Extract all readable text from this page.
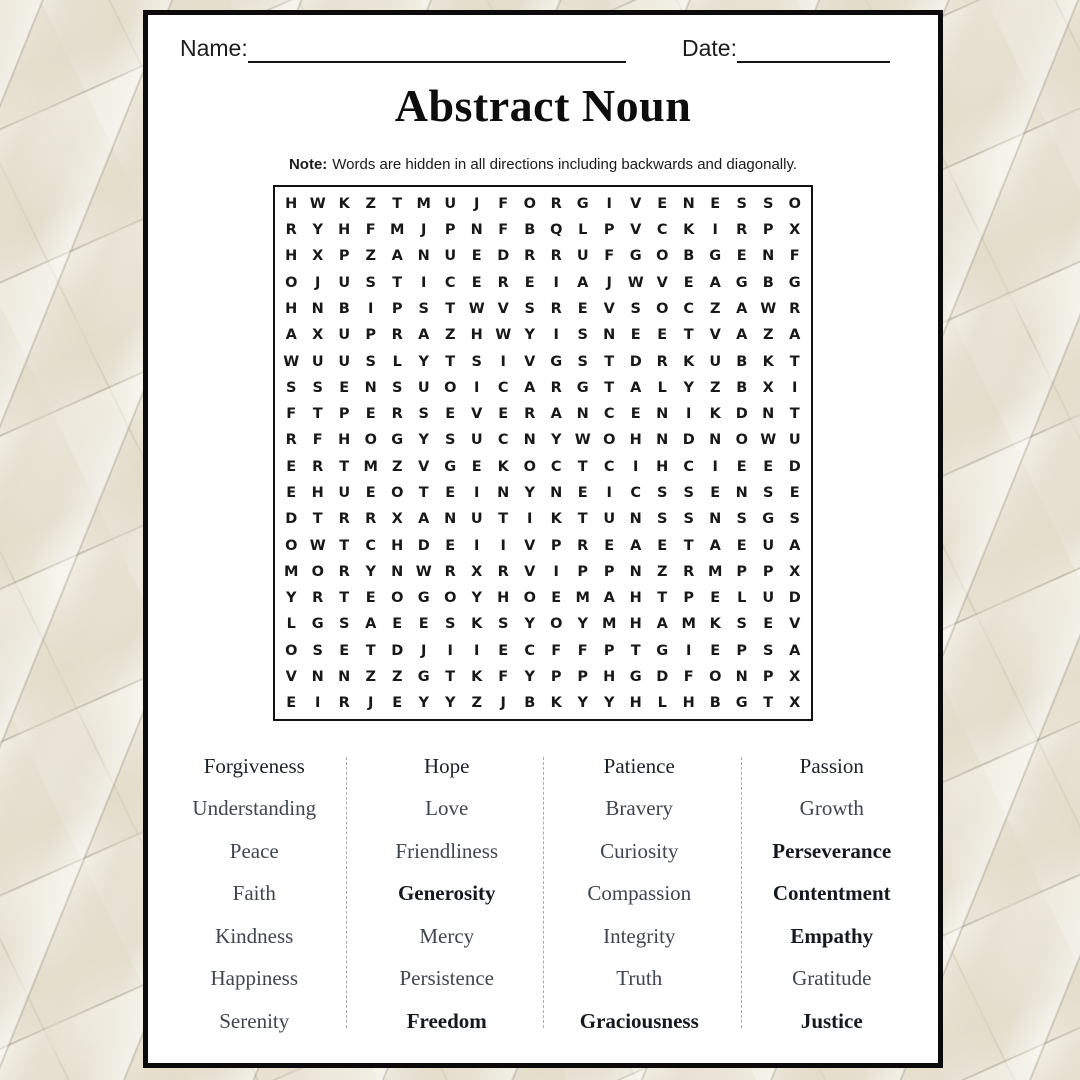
Name:	Date:
Abstract Noun
Note: Words are hidden in all directions including backwards and diagonally.
H W K	Z	T M U	J	F	O	R	G	I	V	E	N	E	S	S	O
R	Y	H	F M	J	P	N	F	B	Q	L	P	V	C	K	I	R	P	X
H	X	P	Z	A	N	U	E	D	R	R	U	F	G O	B	G	E	N	F
O	J	U	S	T	I	C	E	R	E	I	A	J	W V	E	A	G	B	G
H N	B	I	P	S	T W V	S	R	E	V	S	O	C	Z	A W R
A	X	U	P	R	A	Z	H W Y	I	S	N	E	E	T	V	A	Z	A
W U	U	S	L	Y	T	S	I	V	G	S	T	D	R	K	U	B	K	T
S	S	E	N	S	U O	I	C	A	R	G	T	A	L	Y	Z	B	X	I
F	T	P	E	R	S	E	V	E	R	A	N	C	E	N	I	K	D N	T
R	F	H O G	Y	S	U	C	N	Y W O H N D N O W U
E	R	T M Z	V	G	E	K	O	C	T	C	I	H	C	I	E	E	D
E	H	U	E	O	T	E	I	N	Y	N	E	I	C	S	S	E	N	S	E
D	T	R	R	X	A	N	U	T	I	K	T	U	N	S	S	N	S	G	S
O W T	C	H D	E	I	I	V	P	R	E	A	E	T	A	E	U	A
M O	R	Y	N W R	X	R	V	I	P	P	N	Z	R M P	P	X
Y	R	T	E	O G O	Y	H O	E M A	H	T	P	E	L	U	D
L	G	S	A	E	E	S	K	S	Y	O	Y M H	A M K	S	E	V
O	S	E	T	D	J	I	I	E	C	F	F	P	T	G	I	E	P	S	A
V	N N	Z	Z	G	T	K	F	Y	P	P	H G	D	F	O N	P	X
E	I	R	J	E	Y	Y	Z	J	B	K	Y	Y	H	L	H	B	G	T	X
Forgiveness
Understanding
Peace
Faith
Kindness
Happiness
Serenity
Hope
Love
Friendliness
Generosity
Mercy
Persistence
Freedom
Patience
Bravery
Curiosity
Compassion
Integrity
Truth
Graciousness
Passion
Growth
Perseverance
Contentment
Empathy
Gratitude
Justice
